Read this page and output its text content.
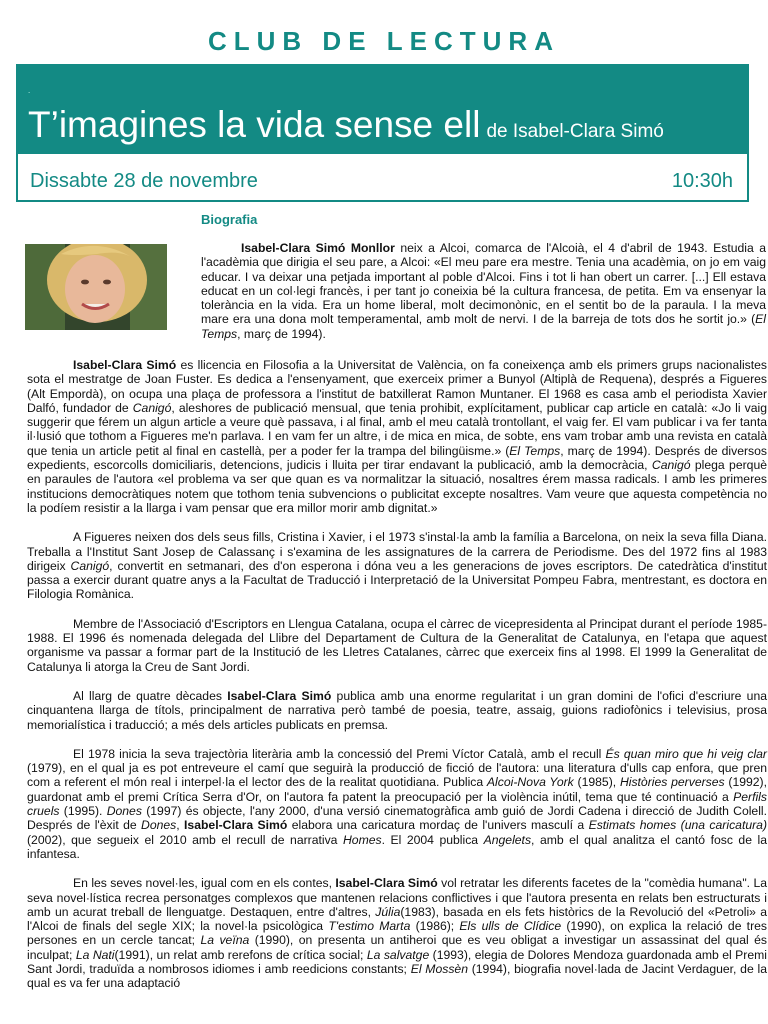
CLUB DE LECTURA
.
T’imagines la vida sense ell de Isabel-Clara Simó
Dissabte 28 de novembre	10:30h
Biografia
Isabel-Clara Simó Monllor neix a Alcoi, comarca de l'Alcoià, el 4 d'abril de 1943. Estudia a l'acadèmia que dirigia el seu pare, a Alcoi: «El meu pare era mestre. Tenia una acadèmia, on jo em vaig educar. I va deixar una petjada important al poble d'Alcoi. Fins i tot li han obert un carrer. [...] Ell estava educat en un col·legi francès, i per tant jo coneixia bé la cultura francesa, de petita. Em va ensenyar la tolerància en la vida. Era un home liberal, molt decimonònic, en el sentit bo de la paraula. I la meva mare era una dona molt temperamental, amb molt de nervi. I de la barreja de tots dos he sortit jo.» (El Temps, març de 1994).

Isabel-Clara Simó es llicencia en Filosofia a la Universitat de València, on fa coneixença amb els primers grups nacionalistes sota el mestratge de Joan Fuster. Es dedica a l'ensenyament, que exerceix primer a Bunyol (Altiplà de Requena), després a Figueres (Alt Empordà), on ocupa una plaça de professora a l'institut de batxillerat Ramon Muntaner. El 1968 es casa amb el periodista Xavier Dalfó, fundador de Canigó, aleshores de publicació mensual, que tenia prohibit, explícitament, publicar cap article en català: «Jo li vaig suggerir que férem un algun article a veure què passava, i al final, amb el meu català trontollant, el vaig fer. El vam publicar i va fer tanta il·lusió que tothom a Figueres me'n parlava. I en vam fer un altre, i de mica en mica, de sobte, ens vam trobar amb una revista en català que tenia un article petit al final en castellà, per a poder fer la trampa del bilingüisme.» (El Temps, març de 1994). Després de diversos expedients, escorcolls domiciliaris, detencions, judicis i lluita per tirar endavant la publicació, amb la democràcia, Canigó plega perquè en paraules de l'autora «el problema va ser que quan es va normalitzar la situació, nosaltres érem massa radicals. I amb les primeres institucions democràtiques notem que tothom tenia subvencions o publicitat excepte nosaltres. Vam veure que aquesta competència no la podíem resistir a la llarga i vam pensar que era millor morir amb dignitat.»

A Figueres neixen dos dels seus fills, Cristina i Xavier, i el 1973 s'instal·la amb la família a Barcelona, on neix la seva filla Diana. Treballa a l'Institut Sant Josep de Calassanç i s'examina de les assignatures de la carrera de Periodisme. Des del 1972 fins al 1983 dirigeix Canigó, convertit en setmanari, des d'on esperona i dóna veu a les generacions de joves escriptors. De catedràtica d'institut passa a exercir durant quatre anys a la Facultat de Traducció i Interpretació de la Universitat Pompeu Fabra, mentrestant, es doctora en Filologia Romànica.

Membre de l'Associació d'Escriptors en Llengua Catalana, ocupa el càrrec de vicepresidenta al Principat durant el període 1985-1988. El 1996 és nomenada delegada del Llibre del Departament de Cultura de la Generalitat de Catalunya, en l'etapa que aquest organisme va passar a formar part de la Institució de les Lletres Catalanes, càrrec que exerceix fins al 1998. El 1999 la Generalitat de Catalunya li atorga la Creu de Sant Jordi.

Al llarg de quatre dècades Isabel-Clara Simó publica amb una enorme regularitat i un gran domini de l'ofici d'escriure una cinquantena llarga de títols, principalment de narrativa però també de poesia, teatre, assaig, guions radiofònics i televisius, prosa memorialística i traducció; a més dels articles publicats en premsa.

El 1978 inicia la seva trajectòria literària amb la concessió del Premi Víctor Català, amb el recull És quan miro que hi veig clar (1979), en el qual ja es pot entreveure el camí que seguirà la producció de ficció de l'autora: una literatura d'ulls cap enfora, que pren com a referent el món real i interpel·la el lector des de la realitat quotidiana. Publica Alcoi-Nova York (1985), Històries perverses (1992), guardonat amb el premi Crítica Serra d'Or, on l'autora fa patent la preocupació per la violència inútil, tema que té continuació a Perfils cruels (1995). Dones (1997) és objecte, l'any 2000, d'una versió cinematogràfica amb guió de Jordi Cadena i direcció de Judith Colell. Després de l'èxit de Dones, Isabel-Clara Simó elabora una caricatura mordaç de l'univers masculí a Estimats homes (una caricatura) (2002), que segueix el 2010 amb el recull de narrativa Homes. El 2004 publica Angelets, amb el qual analitza el cantó fosc de la infantesa.

En les seves novel·les, igual com en els contes, Isabel-Clara Simó vol retratar les diferents facetes de la "comèdia humana". La seva novel·lística recrea personatges complexos que mantenen relacions conflictives i que l'autora presenta en relats ben estructurats i amb un acurat treball de llenguatge. Destaquen, entre d'altres, Júlia(1983), basada en els fets històrics de la Revolució del «Petroli» a l'Alcoi de finals del segle XIX; la novel·la psicològica T'estimo Marta (1986); Els ulls de Clídice (1990), on explica la relació de tres persones en un cercle tancat; La veïna (1990), on presenta un antiheroi que es veu obligat a investigar un assassinat del qual és inculpat; La Nati(1991), un relat amb rerefons de crítica social; La salvatge (1993), elegia de Dolores Mendoza guardonada amb el Premi Sant Jordi, traduïda a nombrosos idiomes i amb reedicions constants; El Mossèn (1994), biografia novel·lada de Jacint Verdaguer, de la qual es va fer una adaptació
